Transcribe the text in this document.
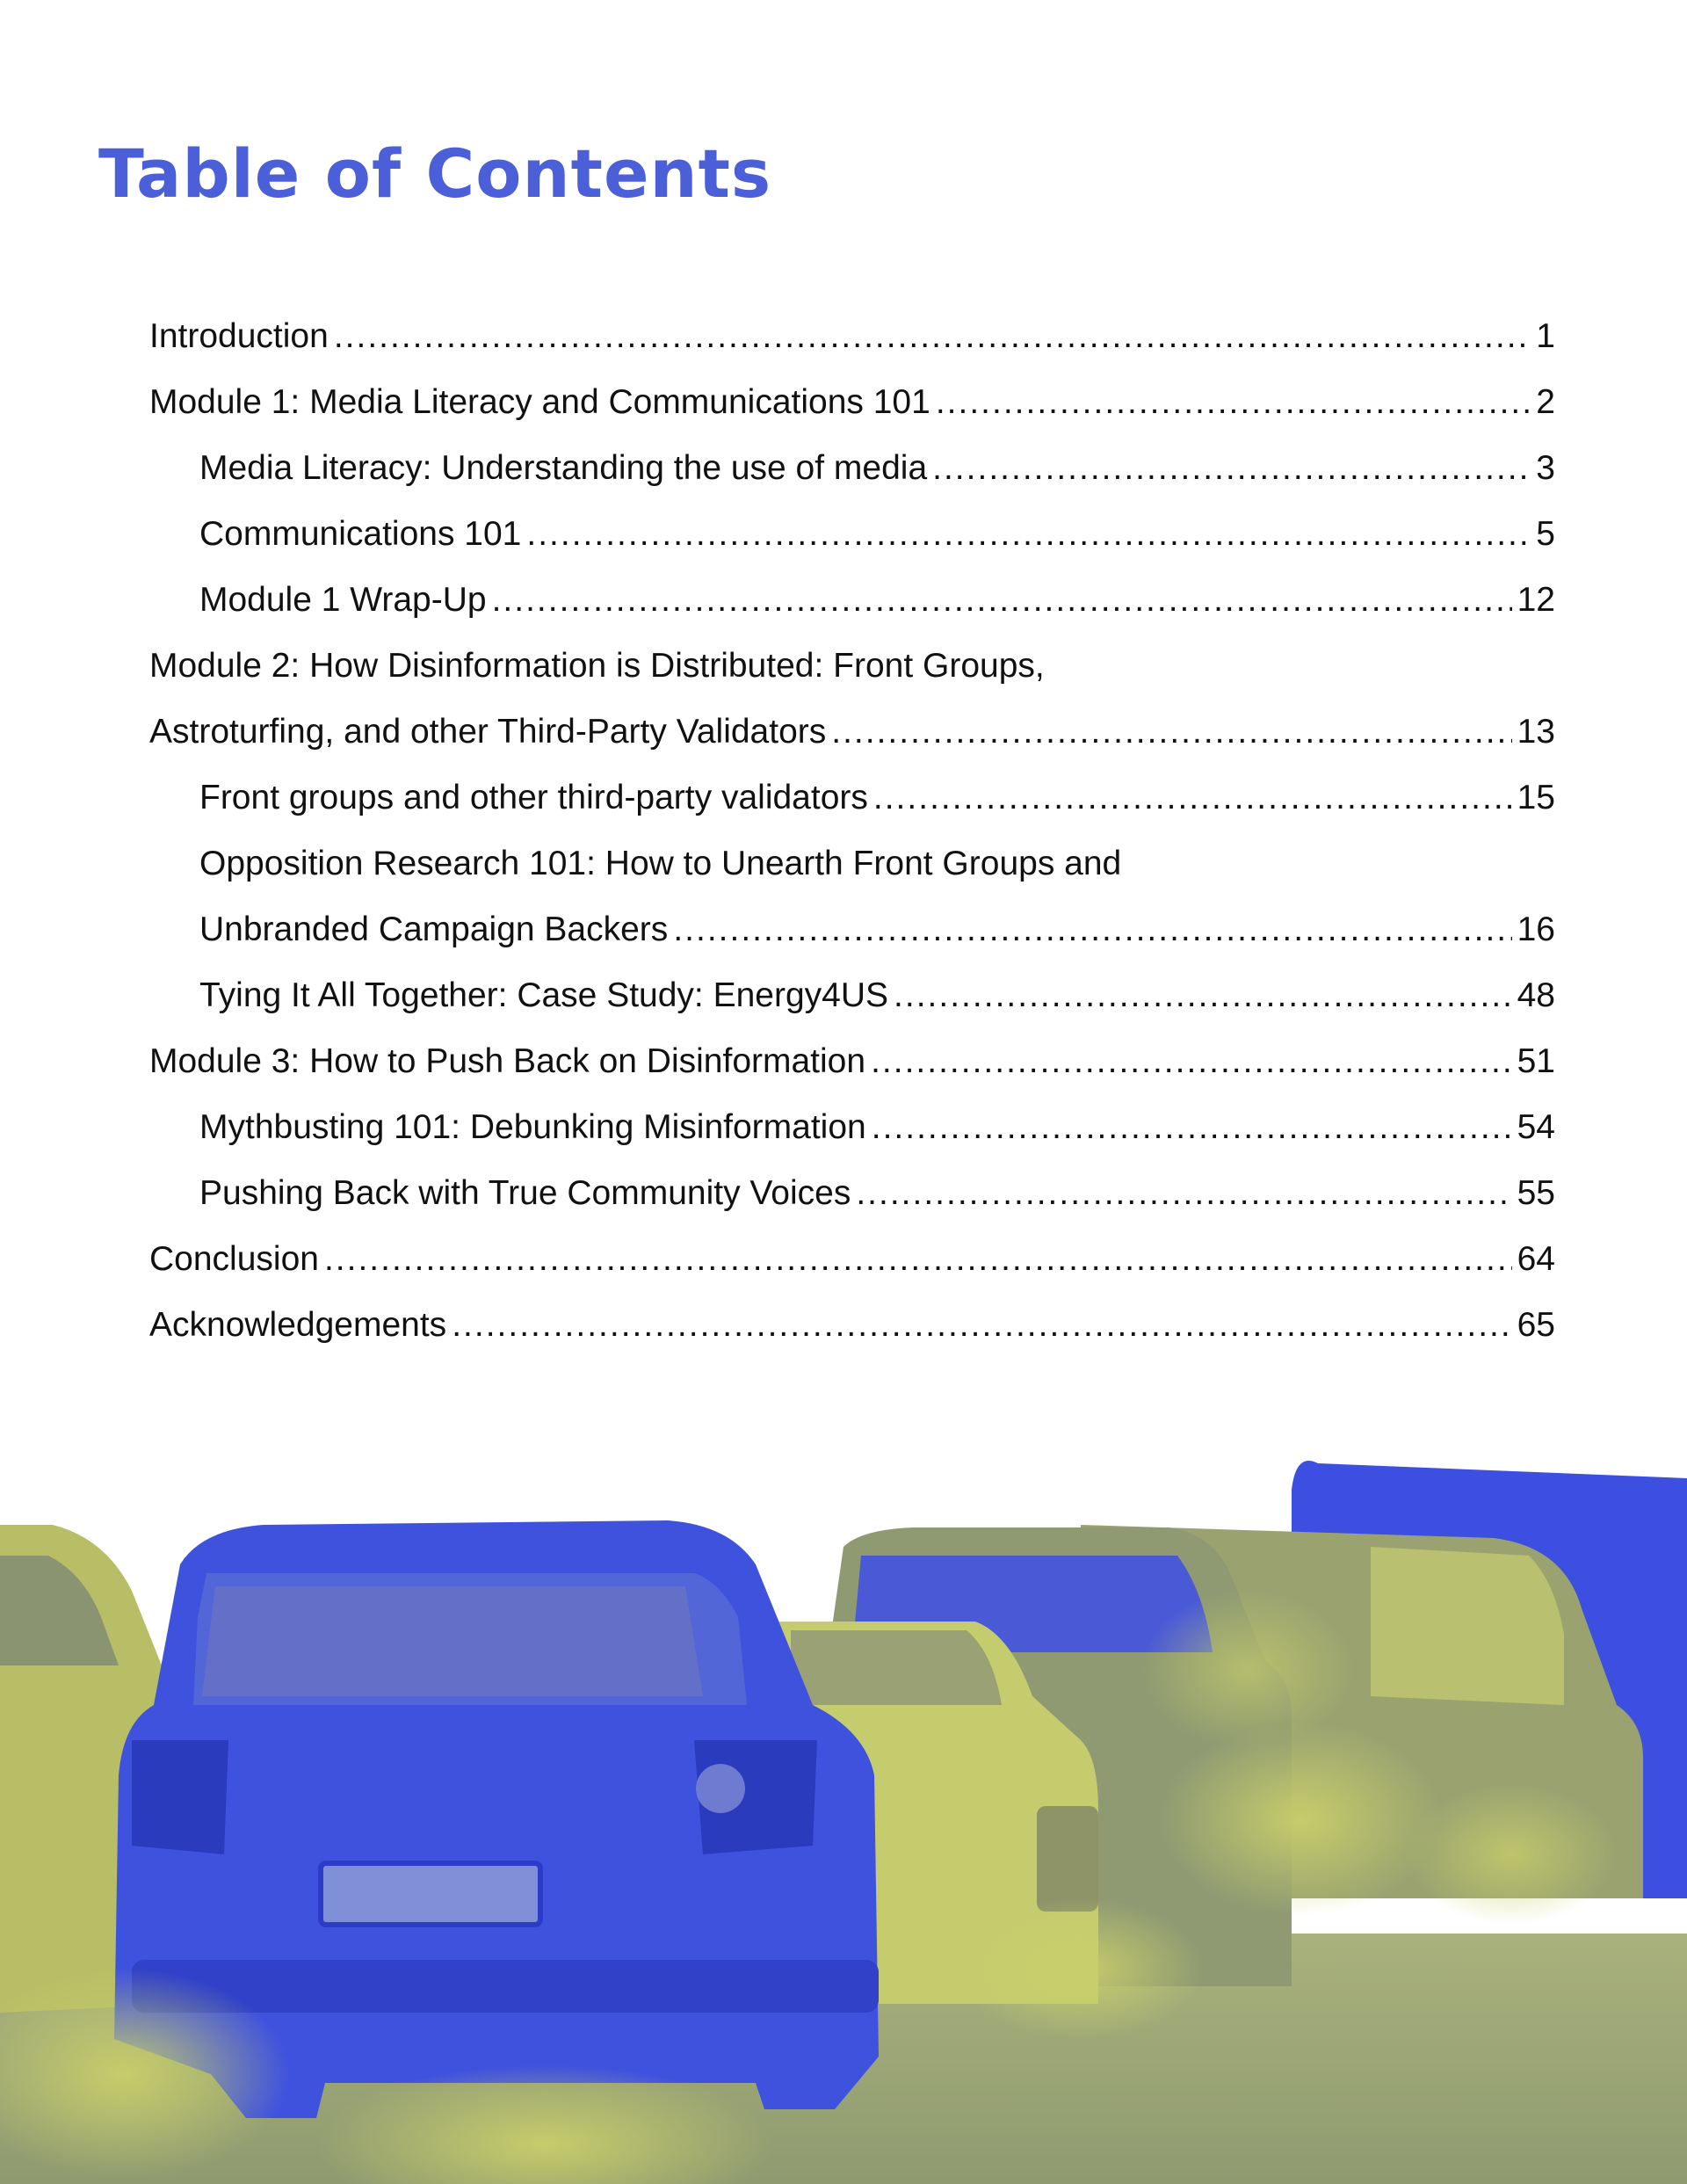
Table of Contents
Introduction .....	1
Module 1: Media Literacy and Communications 101 .....	2
Media Literacy: Understanding the use of media .....	3
Communications 101 .....	5
Module 1 Wrap-Up .....	12
Module 2: How Disinformation is Distributed: Front Groups,
Astroturfing, and other Third-Party Validators .....	13
Front groups and other third-party validators .....	15
Opposition Research 101: How to Unearth Front Groups and
Unbranded Campaign Backers .....	16
Tying It All Together: Case Study: Energy4US .....	48
Module 3: How to Push Back on Disinformation .....	51
Mythbusting 101: Debunking Misinformation .....	54
Pushing Back with True Community Voices .....	55
Conclusion .....	64
Acknowledgements .....	65
